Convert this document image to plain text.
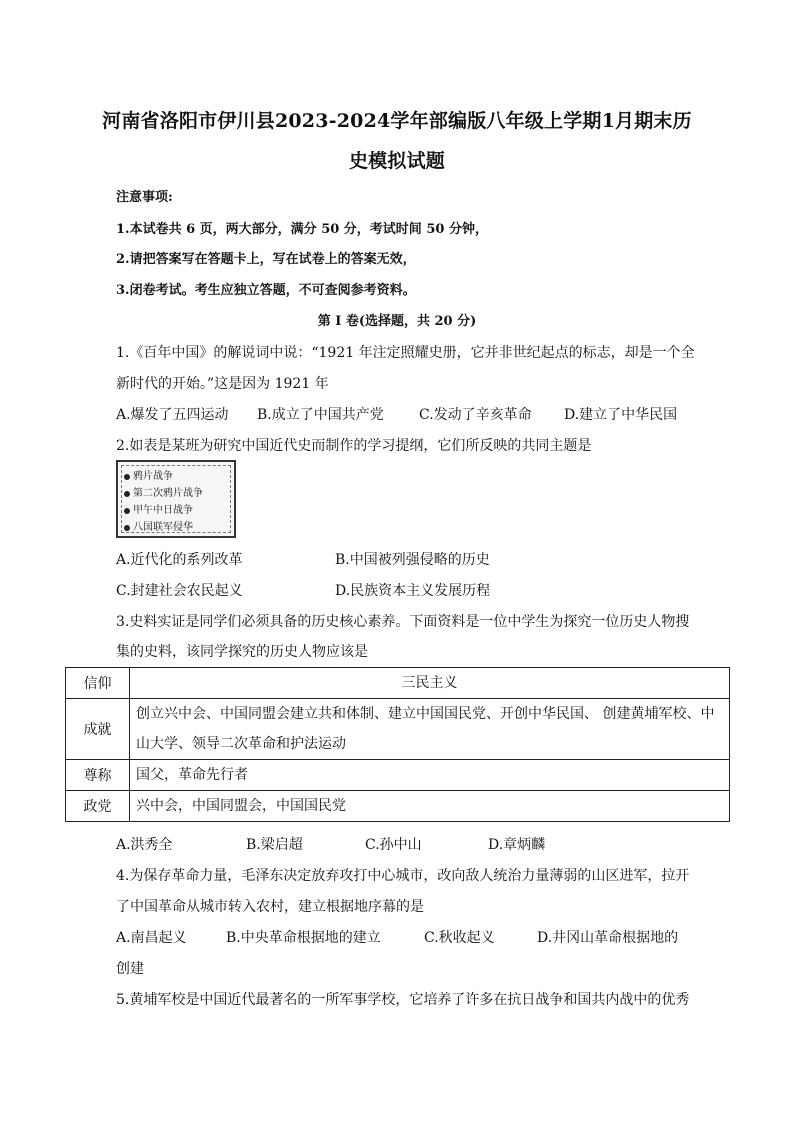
河南省洛阳市伊川县2023-2024学年部编版八年级上学期1月期末历
史模拟试题
注意事项:
1.本试卷共 6 页，两大部分，满分 50 分，考试时间 50 分钟，
2.请把答案写在答题卡上，写在试卷上的答案无效，
3.闭卷考试。考生应独立答题，不可查阅参考资料。
第 I 卷(选择题，共 20 分)
1.《百年中国》的解说词中说：“1921 年注定照耀史册，它并非世纪起点的标志，却是一个全
新时代的开始。”这是因为 1921 年
A.爆发了五四运动 B.成立了中国共产党	C.发动了辛亥革命 D.建立了中华民国
2.如表是某班为研究中国近代史而制作的学习提纲，它们所反映的共同主题是
鸦片战争
第二次鸦片战争
甲午中日战争
八国联军侵华
A.近代化的系列改革	B.中国被列强侵略的历史
C.封建社会农民起义	D.民族资本主义发展历程
3.史料实证是同学们必须具备的历史核心素养。下面资料是一位中学生为探究一位历史人物搜
集的史料，该同学探究的历史人物应该是
信仰	三民主义
成就	创立兴中会、中国同盟会建立共和体制、建立中国国民党、开创中华民国、 创建黄埔军校、中山大学、领导二次革命和护法运动
尊称	国父，革命先行者
政党	兴中会，中国同盟会，中国国民党
A.洪秀全	B.梁启超	C.孙中山	D.章炳麟
4.为保存革命力量，毛泽东决定放弃攻打中心城市，改向敌人统治力量薄弱的山区进军，拉开
了中国革命从城市转入农村，建立根据地序幕的是
A.南昌起义	B.中央革命根据地的建立	C.秋收起义	D.井冈山革命根据地的
创建
5.黄埔军校是中国近代最著名的一所军事学校，它培养了许多在抗日战争和国共内战中的优秀
